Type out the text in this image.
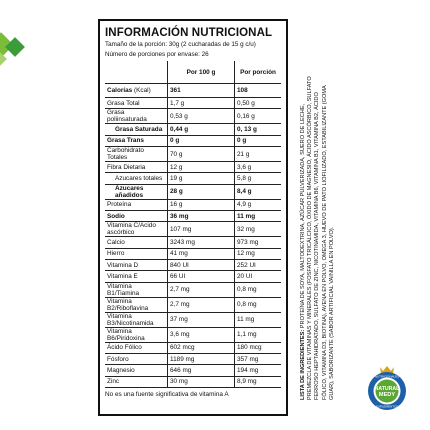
INFORMACIÓN NUTRICIONAL
Tamaño de la porción: 30g (2 cucharadas de 15 g c/u)
Número de porciones por envase: 26
	Por 100 g	Por porción
Calorías (Kcal)	361	108
Grasa Total	1,7 g	0,50 g
Grasa poliinsaturada	0,53 g	0,16 g
Grasa Saturada	0,44 g	0, 13 g
Grasa Trans	0 g	0 g
Carbohidrato Totales	70 g	21 g
Fibra Dietaria	12 g	3,6 g
Azucares totales	19 g	5,8 g
Azucares añadidos	28 g	8,4 g
Proteína	16 g	4,9 g
Sodio	36 mg	11 mg
Vitamina C/Acido ascórbico	107 mg	32 mg
Calcio	3243 mg	973 mg
Hierro	41 mg	12 mg
Vitamina D	840 UI	252 UI
Vitamina E	66 UI	20 UI
Vitamina B1/Tiamina	2,7 mg	0,8 mg
Vitamina B2/Riboflavina	2,7 mg	0,8 mg
Vitamina B3/Nicotinamida	37 mg	11 mg
Vitamina B6/Piridoxina	3,6 mg	1,1 mg
Ácido Fólico	602 mcg	180 mcg
Fósforo	1189 mg	357 mg
Magnesio	646 mg	194 mg
Zinc	30 mg	8,9 mg
No es una fuente significativa de vitamina A	LISTA DE INGREDIENTES: PROTEÍNA DE SOYA, MALTODEXTRINA, AZÚCAR PULVERIZADA, SUERO DE LECHE, PREMEZCLA DE VITAMINAS Y MINERALES (FOSFATO TRICÁLCICO, ÓXIDO DE MAGNESIO, ÁCIDO ASCÓRBICO, SULFATO FERROSO HEPTAHIDRATADO, SULFATO DE ZINC, NICOTINAMIDA, VITAMINA B6, VITAMINA B1, VITAMINA B2, ÁCIDO FÓLICO, VITAMINA D3, BIOTINA), AVENA EN POLVO, OMEGA 3, HUEVO DE PATO LIOFILIZADO, ESTABILIZANTE (GOMA GUAR), SABORIZANTE (SABOR ARTIFICIAL VAINILLA EN POLVO).	NATURAL
MEDY
NUTRICIONALES
SUPLEMENTOS
